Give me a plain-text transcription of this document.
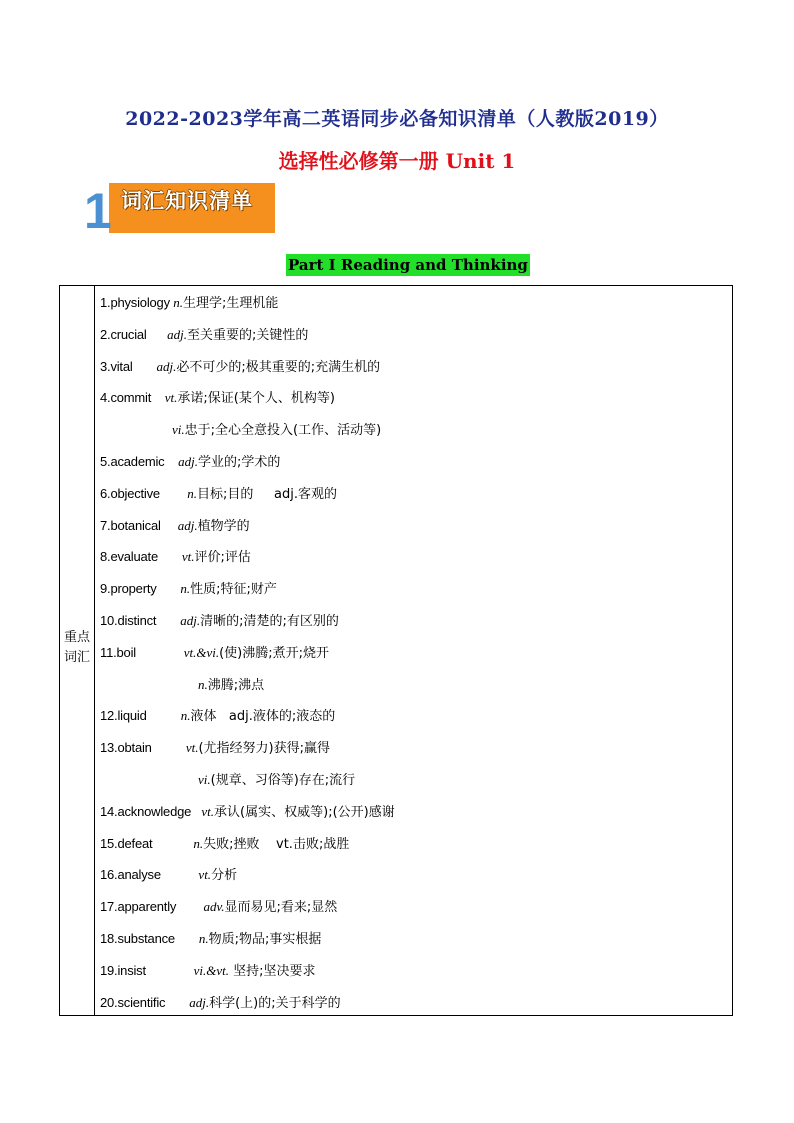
2022-2023学年高二英语同步必备知识清单（人教版2019）
选择性必修第一册 Unit 1
1 词汇知识清单
Part I Reading and Thinking
重点
词汇
1.physiology n.生理学;生理机能
2.crucial      adj.至关重要的;关键性的
3.vital       adj.必不可少的;极其重要的;充满生机的
4.commit    vt.承诺;保证(某个人、机构等)
vi.忠于;全心全意投入(工作、活动等)
5.academic    adj.学业的;学术的
6.objective        n.目标;目的     adj.客观的
7.botanical     adj.植物学的
8.evaluate       vt.评价;评估
9.property       n.性质;特征;财产
10.distinct       adj.清晰的;清楚的;有区别的
11.boil              vt.&vi.(使)沸腾;煮开;烧开
n.沸腾;沸点
12.liquid          n.液体   adj.液体的;液态的
13.obtain          vt.(尤指经努力)获得;赢得
vi.(规章、习俗等)存在;流行
14.acknowledge   vt.承认(属实、权威等);(公开)感谢
15.defeat            n.失败;挫败    vt.击败;战胜
16.analyse           vt.分析
17.apparently        adv.显而易见;看来;显然
18.substance       n.物质;物品;事实根据
19.insist              vi.&vt. 坚持;坚决要求
20.scientific       adj.科学(上)的;关于科学的
